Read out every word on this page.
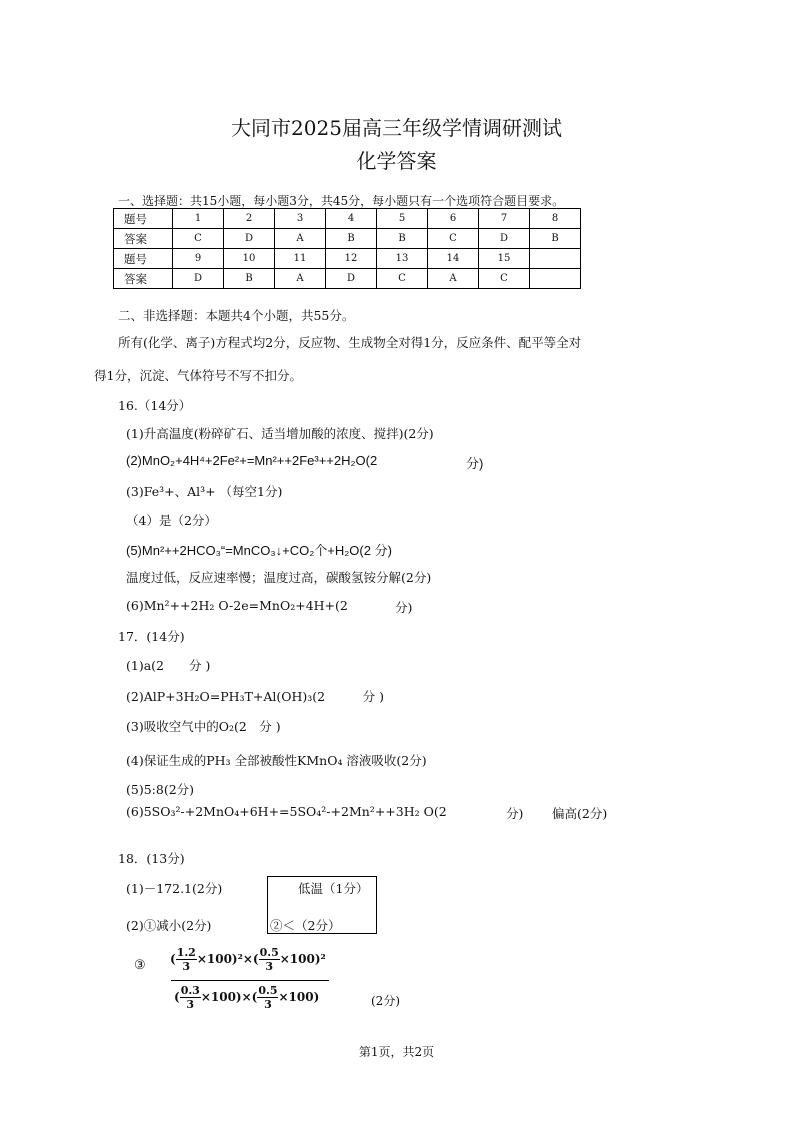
大同市2025届高三年级学情调研测试
化学答案
一、选择题：共15小题，每小题3分，共45分，每小题只有一个选项符合题目要求。
题号	1	2	3	4	5	6	7	8
答案	C	D	A	B	B	C	D	B
题号	9	10	11	12	13	14	15	
答案	D	B	A	D	C	A	C	
二、非选择题：本题共4个小题，共55分。
所有(化学、离子)方程式均2分，反应物、生成物全对得1分，反应条件、配平等全对
得1分，沉淀、气体符号不写不扣分。
16.（14分）
(1)升高温度(粉碎矿石、适当增加酸的浓度、搅拌)(2分)
(2)MnO₂+4H⁴+2Fe²+=Mn²++2Fe³++2H₂O(2	分)
(3)Fe³+、Al³+ （每空1分)
（4）是（2分）
(5)Mn²++2HCO₃“=MnCO₃↓+CO₂个+H₂O(2 分)
温度过低，反应速率慢；温度过高，碳酸氢铵分解(2分)
(6)Mn²++2H₂ O-2e=MnO₂+4H+(2	分)
17．(14分)
(1)a(2　　分 )
(2)AlP+3H₂O=PH₃T+Al(OH)₃(2　　　分 )
(3)吸收空气中的O₂(2　分 )
(4)保证生成的PH₃ 全部被酸性KMnO₄ 溶液吸收(2分)
(5)5:8(2分)
(6)5SO₃²-+2MnO₄+6H+=5SO₄²-+2Mn²++3H₂ O(2	分) 偏高(2分)
18．(13分)
(1)－172.1(2分)	低温（1分）
(2)①减小(2分)	②＜（2分）
③ ( $\frac{1.2}{3} \times 100)^2\times( \frac{0.5}{3} \times 100)^2$
( $\frac{0.3}{3} \times 100)\times( \frac{0.5}{3} \times 100)$	(2分)
第1页，共2页
